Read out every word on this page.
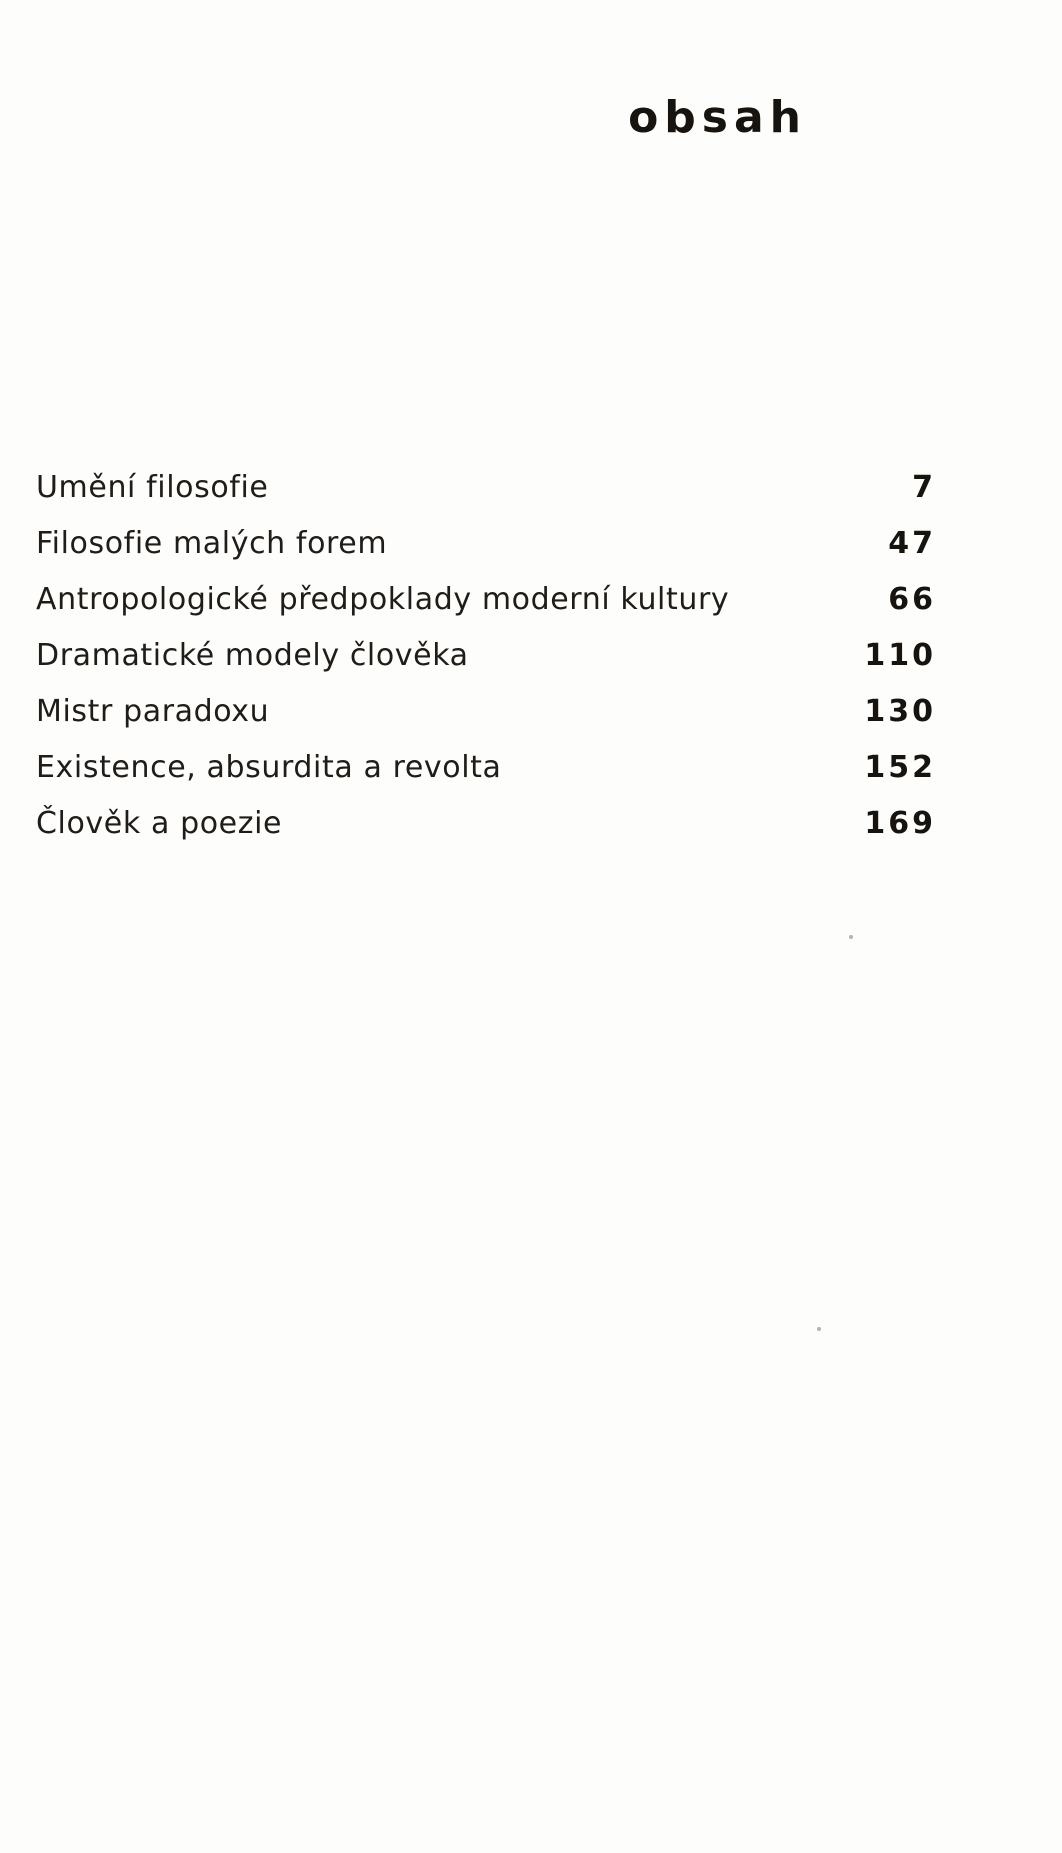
obsah
Umění filosofie	7
Filosofie malých forem	47
Antropologické předpoklady moderní kultury	66
Dramatické modely člověka	110
Mistr paradoxu	130
Existence, absurdita a revolta	152
Člověk a poezie	169
